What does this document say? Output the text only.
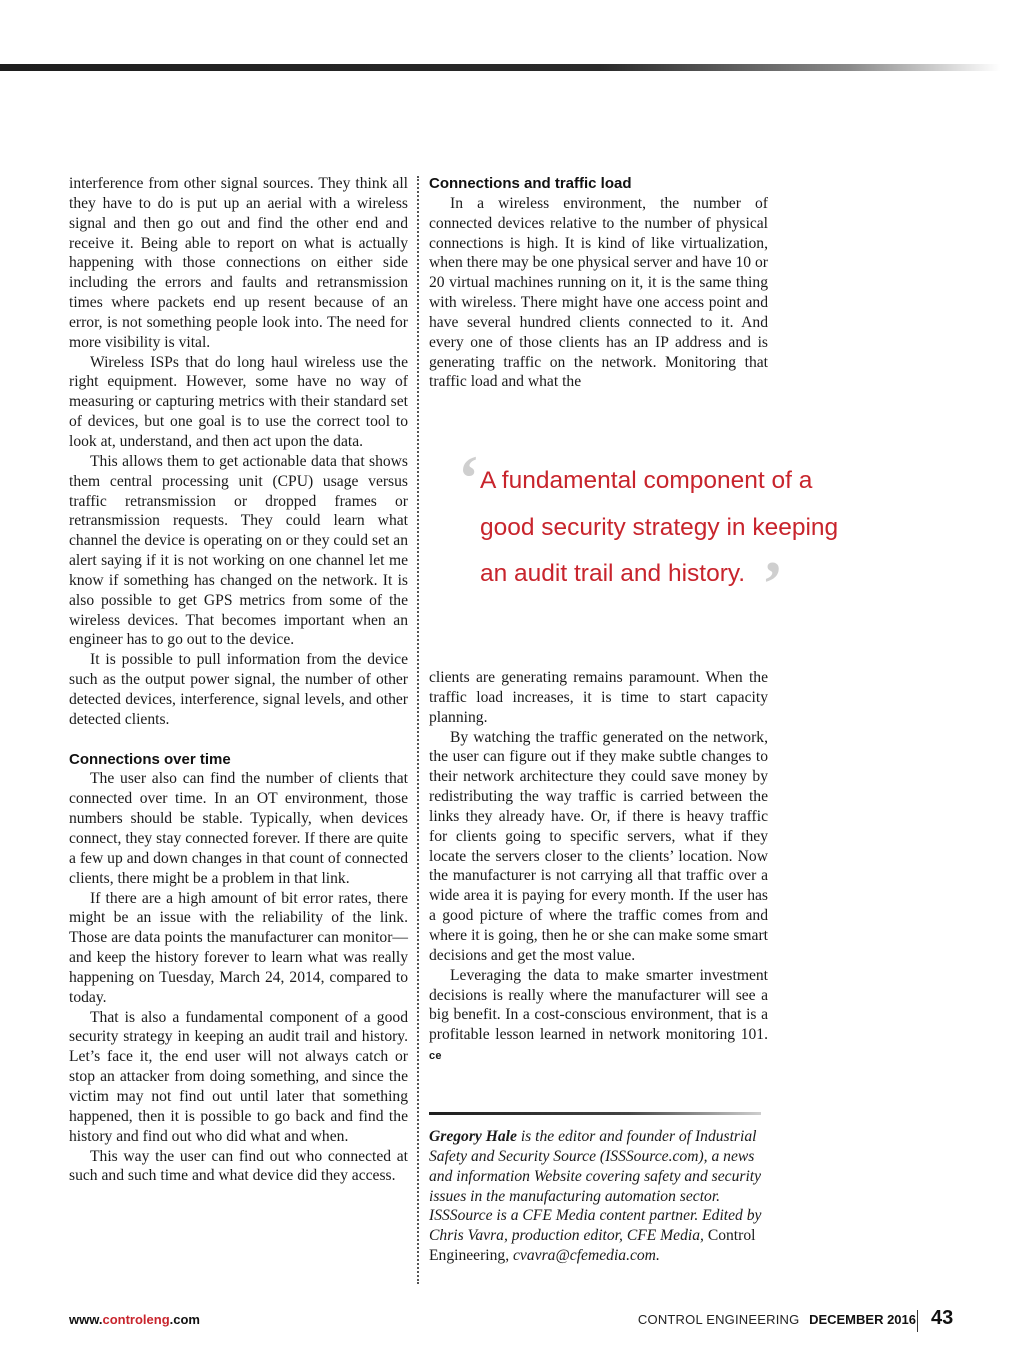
interference from other signal sources. They think all they have to do is put up an aerial with a wireless signal and then go out and find the other end and receive it. Being able to report on what is actually happening with those connections on either side including the errors and faults and retransmission times where packets end up resent because of an error, is not something people look into. The need for more visibility is vital.

Wireless ISPs that do long haul wireless use the right equipment. However, some have no way of measuring or capturing metrics with their standard set of devices, but one goal is to use the correct tool to look at, understand, and then act upon the data.

This allows them to get actionable data that shows them central processing unit (CPU) usage versus traffic retransmission or dropped frames or retransmission requests. They could learn what channel the device is operating on or they could set an alert saying if it is not working on one channel let me know if something has changed on the network. It is also possible to get GPS metrics from some of the wireless devices. That becomes important when an engineer has to go out to the device.

It is possible to pull information from the device such as the output power signal, the number of other detected devices, interference, signal levels, and other detected clients.

Connections over time

The user also can find the number of clients that connected over time. In an OT environment, those numbers should be stable. Typically, when devices connect, they stay connected forever. If there are quite a few up and down changes in that count of connected clients, there might be a problem in that link.

If there are a high amount of bit error rates, there might be an issue with the reliability of the link. Those are data points the manufacturer can monitor—and keep the history forever to learn what was really happening on Tuesday, March 24, 2014, compared to today.

That is also a fundamental component of a good security strategy in keeping an audit trail and history. Let’s face it, the end user will not always catch or stop an attacker from doing something, and since the victim may not find out until later that something happened, then it is possible to go back and find the history and find out who did what and when.

This way the user can find out who connected at such and such time and what device did they access.

Connections and traffic load

In a wireless environment, the number of connected devices relative to the number of physical connections is high. It is kind of like virtualization, when there may be one physical server and have 10 or 20 virtual machines running on it, it is the same thing with wireless. There might have one access point and have several hundred clients connected to it. And every one of those clients has an IP address and is generating traffic on the network. Monitoring that traffic load and what the

‘ A fundamental component of a
good security strategy in keeping
an audit trail and history. ’

clients are generating remains paramount. When the traffic load increases, it is time to start capacity planning.

By watching the traffic generated on the network, the user can figure out if they make subtle changes to their network architecture they could save money by redistributing the way traffic is carried between the links they already have. Or, if there is heavy traffic for clients going to specific servers, what if they locate the servers closer to the clients’ location. Now the manufacturer is not carrying all that traffic over a wide area it is paying for every month. If the user has a good picture of where the traffic comes from and where it is going, then he or she can make some smart decisions and get the most value.

Leveraging the data to make smarter investment decisions is really where the manufacturer will see a big benefit. In a cost-conscious environment, that is a profitable lesson learned in network monitoring 101. ce

Gregory Hale is the editor and founder of Industrial Safety and Security Source (ISSSource.com), a news and information Website covering safety and security issues in the manufacturing automation sector. ISSSource is a CFE Media content partner. Edited by Chris Vavra, production editor, CFE Media, Control Engineering, cvavra@cfemedia.com.
www.controleng.com	CONTROL ENGINEERING DECEMBER 2016 43
